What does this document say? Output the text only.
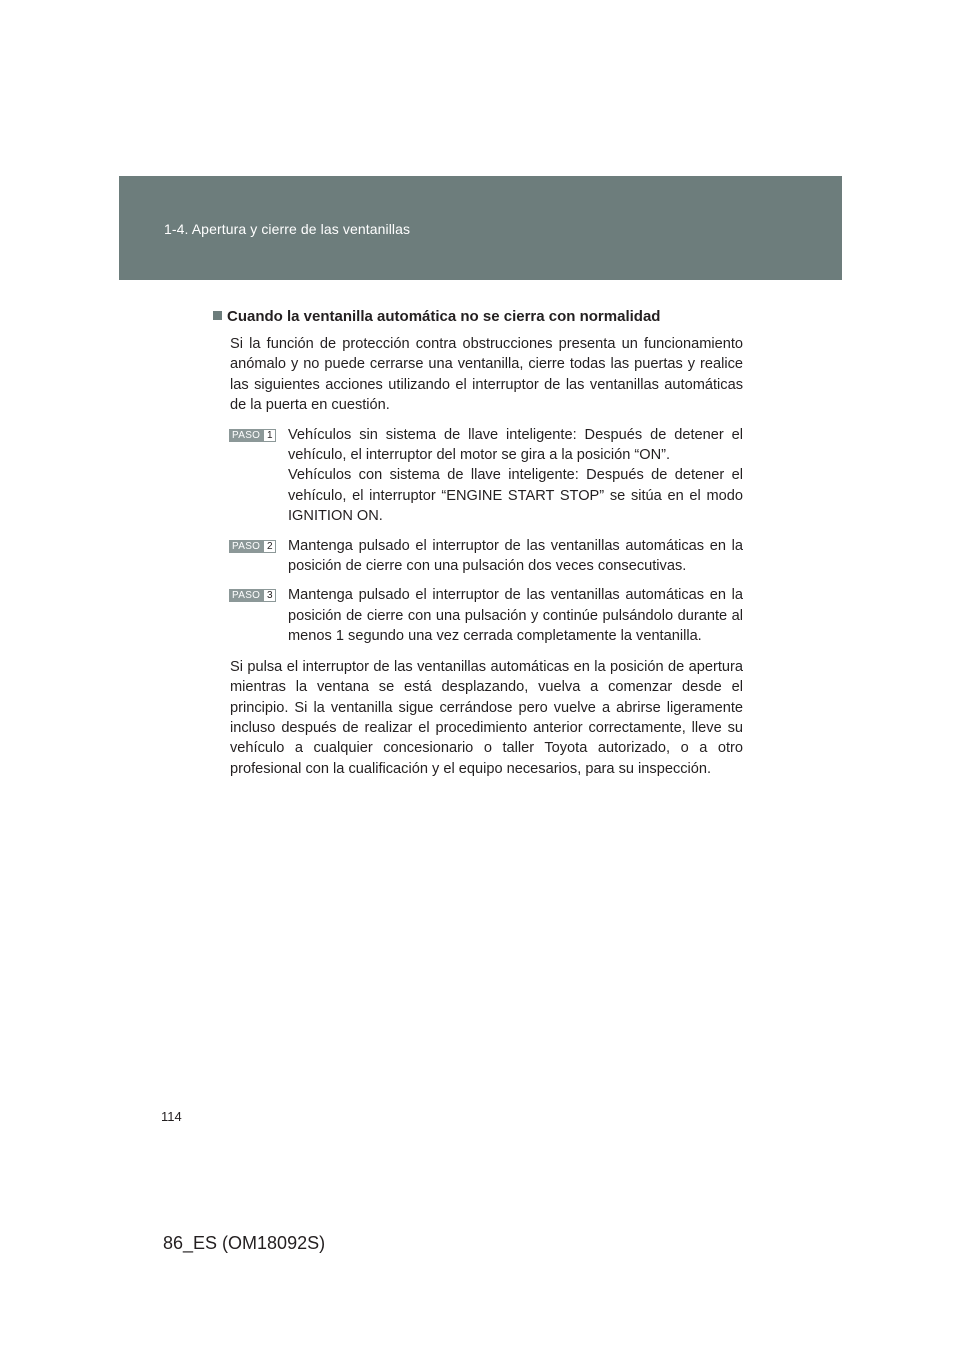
1-4. Apertura y cierre de las ventanillas
Cuando la ventanilla automática no se cierra con normalidad

Si la función de protección contra obstrucciones presenta un funcionamiento anómalo y no puede cerrarse una ventanilla, cierre todas las puertas y realice las siguientes acciones utilizando el interruptor de las ventanillas automáticas de la puerta en cuestión.

PASO 1 Vehículos sin sistema de llave inteligente: Después de detener el vehículo, el interruptor del motor se gira a la posición “ON”.

Vehículos con sistema de llave inteligente: Después de detener el vehículo, el interruptor “ENGINE START STOP” se sitúa en el modo IGNITION ON.

PASO 2 Mantenga pulsado el interruptor de las ventanillas automáticas en la posición de cierre con una pulsación dos veces consecutivas.

PASO 3 Mantenga pulsado el interruptor de las ventanillas automáticas en la posición de cierre con una pulsación y continúe pulsándolo durante al menos 1 segundo una vez cerrada completamente la ventanilla.

Si pulsa el interruptor de las ventanillas automáticas en la posición de apertura mientras la ventana se está desplazando, vuelva a comenzar desde el principio. Si la ventanilla sigue cerrándose pero vuelve a abrirse ligeramente incluso después de realizar el procedimiento anterior correctamente, lleve su vehículo a cualquier concesionario o taller Toyota autorizado, o a otro profesional con la cualificación y el equipo necesarios, para su inspección.

114
86_ES (OM18092S)
